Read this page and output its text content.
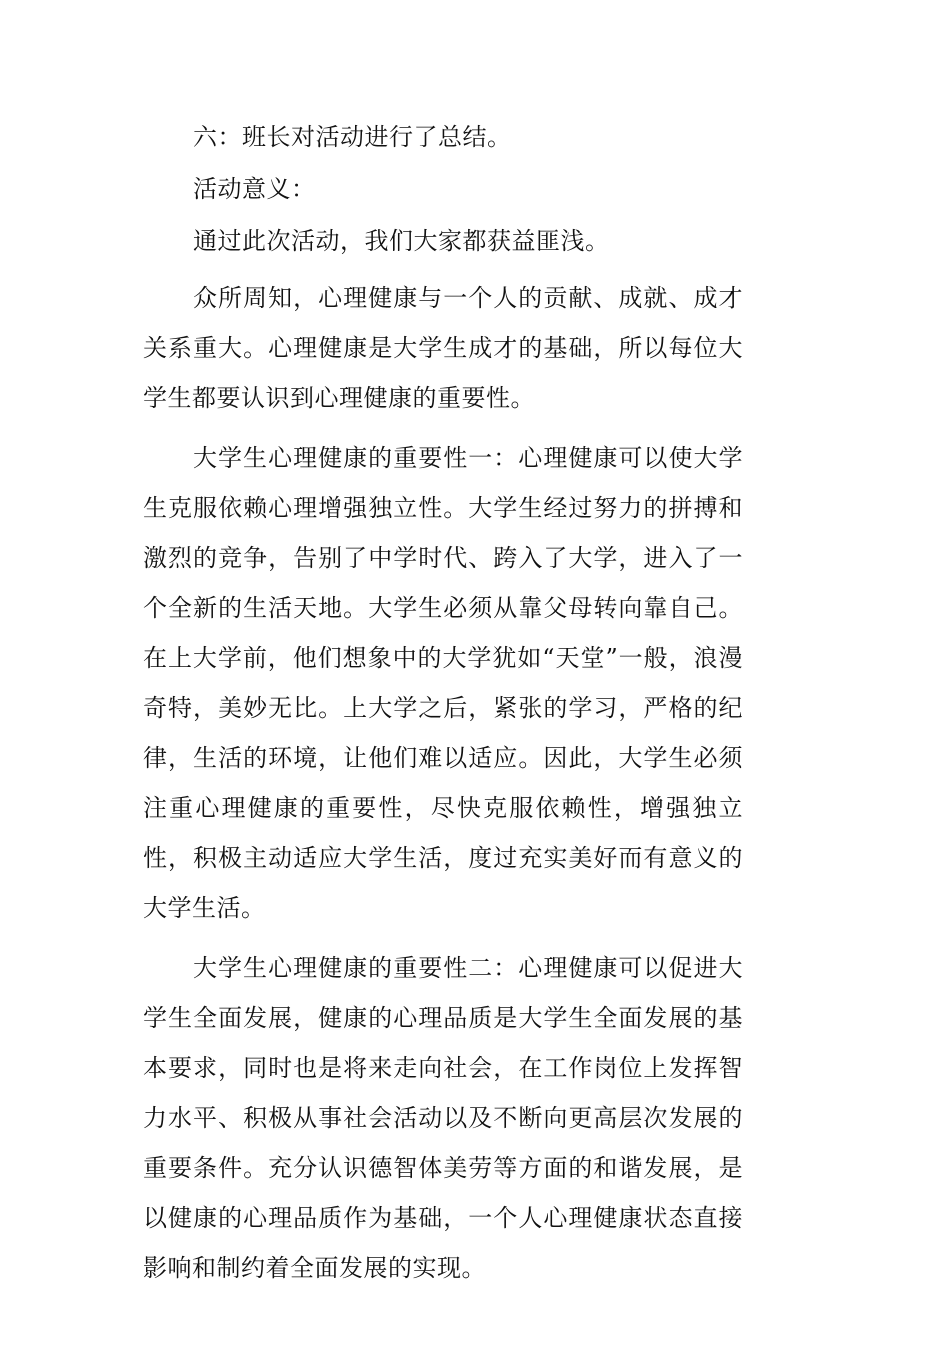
六：班长对活动进行了总结。

活动意义：

通过此次活动，我们大家都获益匪浅。

众所周知，心理健康与一个人的贡献、成就、成才关系重大。心理健康是大学生成才的基础，所以每位大学生都要认识到心理健康的重要性。

大学生心理健康的重要性一：心理健康可以使大学生克服依赖心理增强独立性。大学生经过努力的拼搏和激烈的竞争，告别了中学时代、跨入了大学，进入了一个全新的生活天地。大学生必须从靠父母转向靠自己。在上大学前，他们想象中的大学犹如“天堂”一般，浪漫奇特，美妙无比。上大学之后，紧张的学习，严格的纪律，生活的环境，让他们难以适应。因此，大学生必须注重心理健康的重要性，尽快克服依赖性，增强独立性，积极主动适应大学生活，度过充实美好而有意义的大学生活。

大学生心理健康的重要性二：心理健康可以促进大学生全面发展，健康的心理品质是大学生全面发展的基本要求，同时也是将来走向社会，在工作岗位上发挥智力水平、积极从事社会活动以及不断向更高层次发展的重要条件。充分认识德智体美劳等方面的和谐发展，是以健康的心理品质作为基础，一个人心理健康状态直接影响和制约着全面发展的实现。
